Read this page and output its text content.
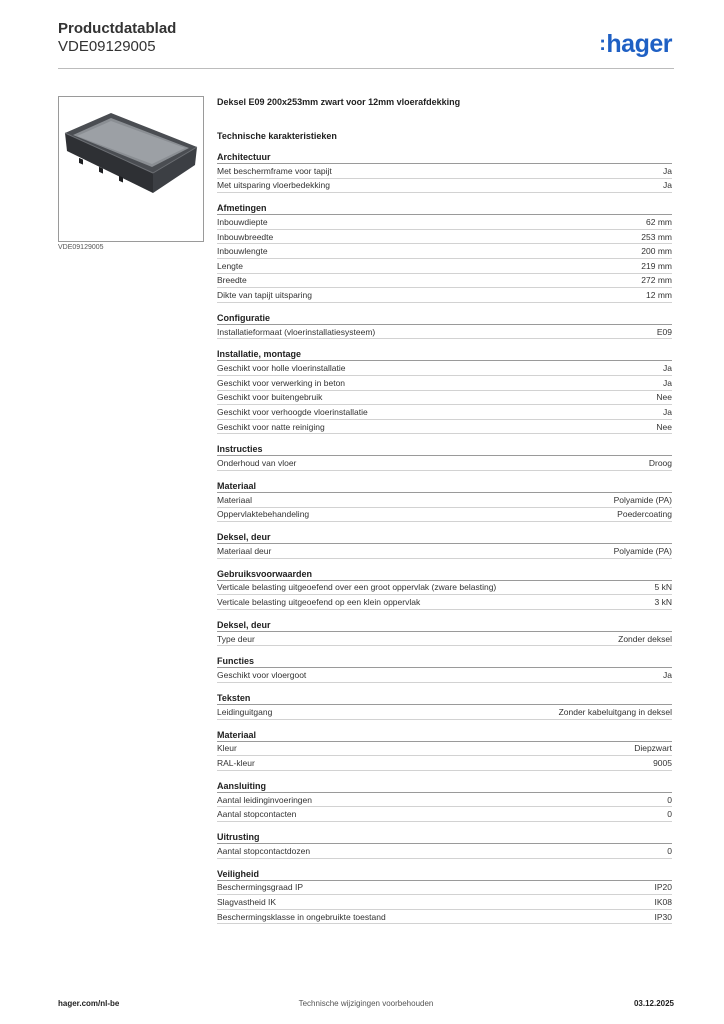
Productdatablad
VDE09129005	:hager
VDE09129005
Deksel E09 200x253mm zwart voor 12mm vloerafdekking
Technische karakteristieken
Architectuur
Met beschermframe voor tapijt	Ja
Met uitsparing vloerbedekking	Ja
Afmetingen
Inbouwdiepte	62 mm
Inbouwbreedte	253 mm
Inbouwlengte	200 mm
Lengte	219 mm
Breedte	272 mm
Dikte van tapijt uitsparing	12 mm
Configuratie
Installatieformaat (vloerinstallatiesysteem)	E09
Installatie, montage
Geschikt voor holle vloerinstallatie	Ja
Geschikt voor verwerking in beton	Ja
Geschikt voor buitengebruik	Nee
Geschikt voor verhoogde vloerinstallatie	Ja
Geschikt voor natte reiniging	Nee
Instructies
Onderhoud van vloer	Droog
Materiaal
Materiaal	Polyamide (PA)
Oppervlaktebehandeling	Poedercoating
Deksel, deur
Materiaal deur	Polyamide (PA)
Gebruiksvoorwaarden
Verticale belasting uitgeoefend over een groot oppervlak (zware belasting)	5 kN
Verticale belasting uitgeoefend op een klein oppervlak	3 kN
Deksel, deur
Type deur	Zonder deksel
Functies
Geschikt voor vloergoot	Ja
Teksten
Leidinguitgang	Zonder kabeluitgang in deksel
Materiaal
Kleur	Diepzwart
RAL-kleur	9005
Aansluiting
Aantal leidinginvoeringen	0
Aantal stopcontacten	0
Uitrusting
Aantal stopcontactdozen	0
Veiligheid
Beschermingsgraad IP	IP20
Slagvastheid IK	IK08
Beschermingsklasse in ongebruikte toestand	IP30
hager.com/nl-be	Technische wijzigingen voorbehouden	03.12.2025
